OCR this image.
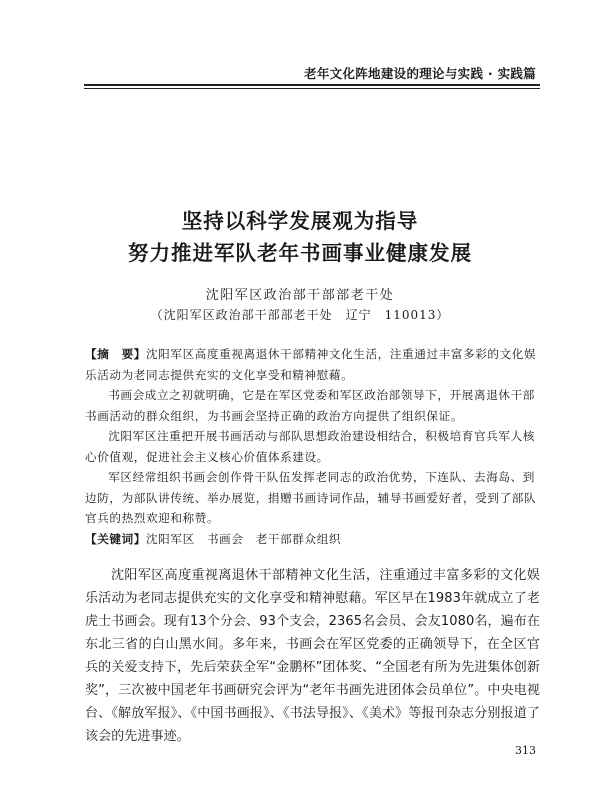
老年文化阵地建设的理论与实践 · 实践篇
坚持以科学发展观为指导
努力推进军队老年书画事业健康发展
沈阳军区政治部干部部老干处
（沈阳军区政治部干部部老干处　辽宁　110013）

【摘　要】沈阳军区高度重视离退休干部精神文化生活，注重通过丰富多彩的文化娱乐活动为老同志提供充实的文化享受和精神慰藉。

书画会成立之初就明确，它是在军区党委和军区政治部领导下，开展离退休干部书画活动的群众组织，为书画会坚持正确的政治方向提供了组织保证。

沈阳军区注重把开展书画活动与部队思想政治建设相结合，积极培育官兵军人核心价值观，促进社会主义核心价值体系建设。

军区经常组织书画会创作骨干队伍发挥老同志的政治优势，下连队、去海岛、到边防，为部队讲传统、举办展览，捐赠书画诗词作品，辅导书画爱好者，受到了部队官兵的热烈欢迎和称赞。

【关键词】沈阳军区　书画会　老干部群众组织

沈阳军区高度重视离退休干部精神文化生活，注重通过丰富多彩的文化娱乐活动为老同志提供充实的文化享受和精神慰藉。军区早在1983年就成立了老虎士书画会。现有13个分会、93个支会，2365名会员、会友1080名，遍布在东北三省的白山黑水间。多年来，书画会在军区党委的正确领导下，在全区官兵的关爱支持下，先后荣获全军“金鹏杯”团体奖、“全国老有所为先进集体创新奖”，三次被中国老年书画研究会评为“老年书画先进团体会员单位”。中央电视台、《解放军报》、《中国书画报》、《书法导报》、《美术》等报刊杂志分别报道了该会的先进事迹。
313
